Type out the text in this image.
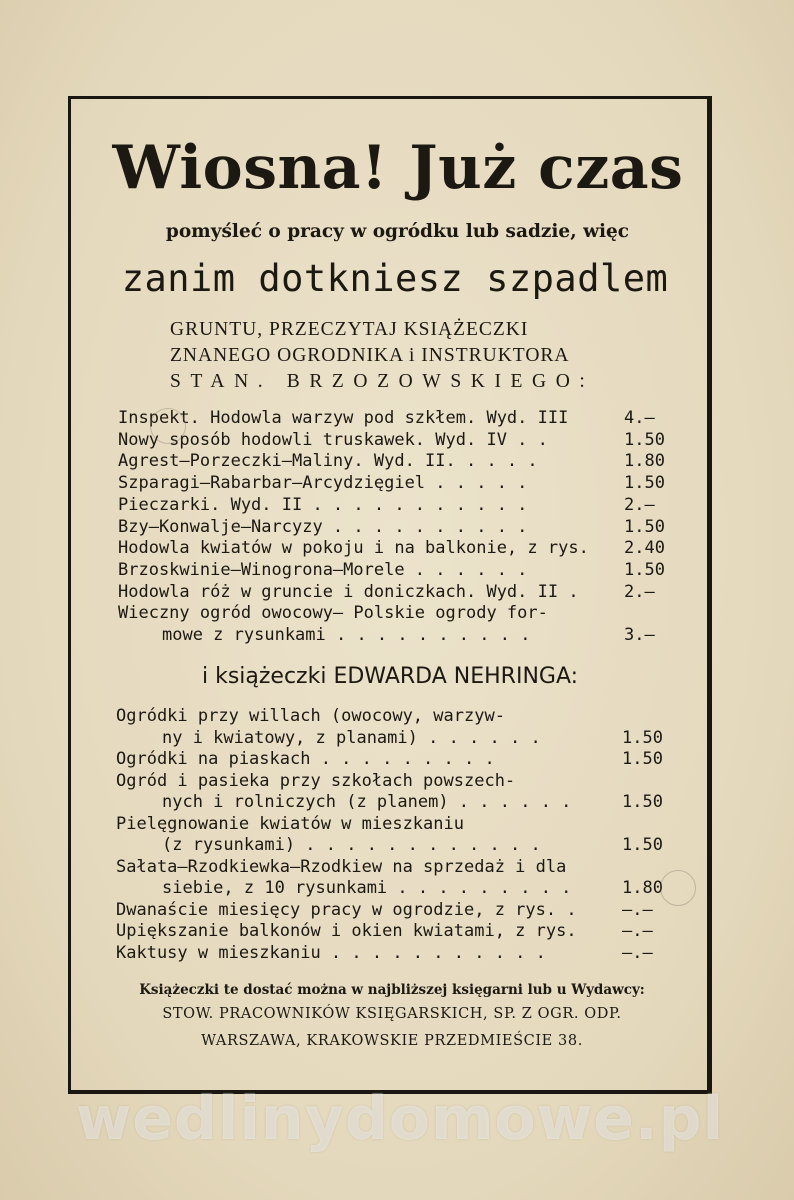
Wiosna! Już czas
pomyśleć o pracy w ogródku lub sadzie, więc
zanim dotkniesz szpadlem
GRUNTU, PRZECZYTAJ KSIĄŻECZKI
ZNANEGO OGRODNIKA i INSTRUKTORA
STAN. BRZOZOWSKIEGO:
Inspekt. Hodowla warzyw pod szkłem. Wyd. III	4.—
Nowy sposób hodowli truskawek. Wyd. IV . .	1.50
Agrest—Porzeczki—Maliny. Wyd. II. . . . .	1.80
Szparagi—Rabarbar—Arcydzięgiel . . . . .	1.50
Pieczarki. Wyd. II . . . . . . . . . . .	2.—
Bzy—Konwalje—Narcyzy . . . . . . . . . .	1.50
Hodowla kwiatów w pokoju i na balkonie, z rys. 2.40
Brzoskwinie—Winogrona—Morele . . . . . .	1.50
Hodowla róż w gruncie i doniczkach. Wyd. II .	2.—
Wieczny ogród owocowy— Polskie ogrody for-
mowe z rysunkami . . . . . . . . . .	3.—
i książeczki EDWARDA NEHRINGA:
Ogródki przy willach (owocowy, warzyw-
ny i kwiatowy, z planami) . . . . . .	1.50
Ogródki na piaskach . . . . . . . . .	1.50
Ogród i pasieka przy szkołach powszech-
nych i rolniczych (z planem) . . . . . .	1.50
Pielęgnowanie kwiatów w mieszkaniu
(z rysunkami) . . . . . . . . . . . .	1.50
Sałata—Rzodkiewka—Rzodkiew na sprzedaż i dla
siebie, z 10 rysunkami . . . . . . . . .	1.80
Dwanaście miesięcy pracy w ogrodzie, z rys. .	—.—
Upiększanie balkonów i okien kwiatami, z rys.	—.—
Kaktusy w mieszkaniu . . . . . . . . . . .	—.—
Książeczki te dostać można w najbliższej księgarni lub u Wydawcy:
STOW. PRACOWNIKÓW KSIĘGARSKICH, SP. Z OGR. ODP.
WARSZAWA, KRAKOWSKIE PRZEDMIEŚCIE 38.
wedlinydomowe.pl
